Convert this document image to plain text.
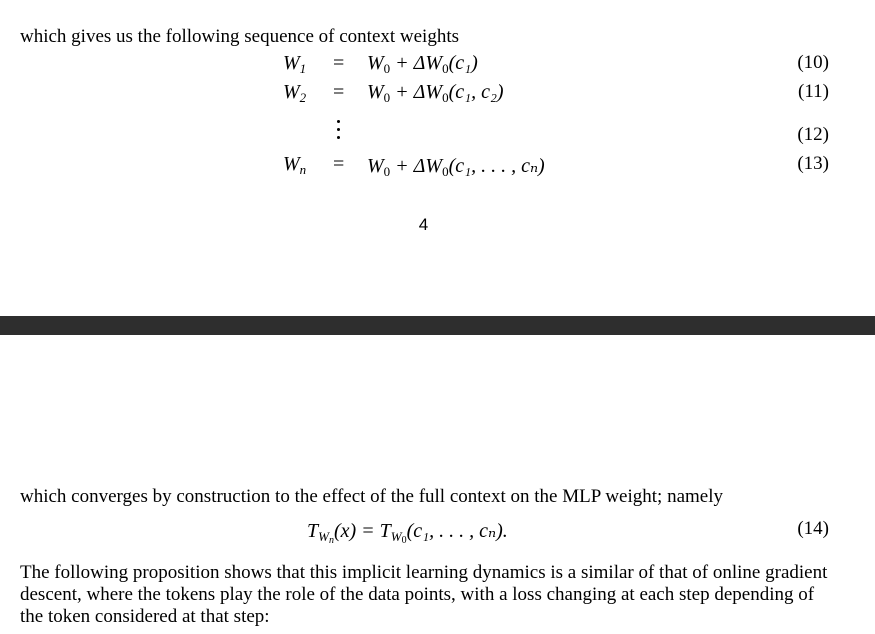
which gives us the following sequence of context weights
$W_1 = W_0 + \Delta W_0(c_1)$	(10)
$W_2 = W_0 + \Delta W_0(c_1$, c₂)	(11)
(12)
$W_n = W_0 + \Delta W_0(c_1$, . . . , cₙ)	(13)
4
which converges by construction to the effect of the full context on the MLP weight; namely
$T_{W_n}(x) = T_{W_0}(c_1$, . . . , cₙ).	(14)
The following proposition shows that this implicit learning dynamics is a similar of that of online gradient descent, where the tokens play the role of the data points, with a loss changing at each step depending of the token considered at that step:
